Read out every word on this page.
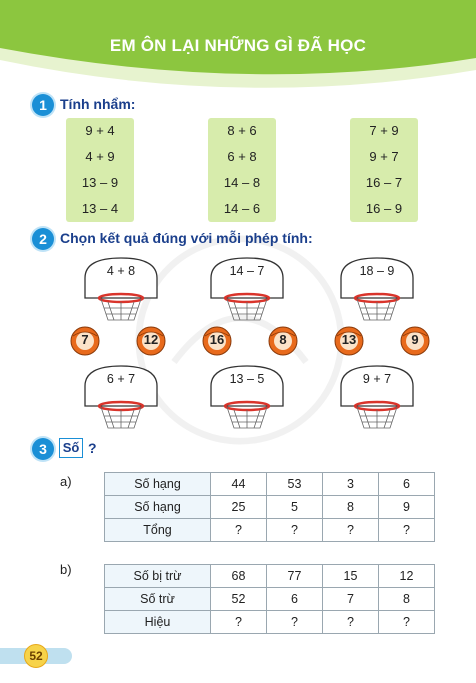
EM ÔN LẠI NHỮNG GÌ ĐÃ HỌC
1 Tính nhẩm:
9 + 4
4 + 9
13 – 9
13 – 4
8 + 6
6 + 8
14 – 8
14 – 6
7 + 9
9 + 7
16 – 7
16 – 9
2 Chọn kết quả đúng với mỗi phép tính:
4 + 8	14 – 7	18 – 9
7	12	16	8	13	9
6 + 7	13 – 5	9 + 7
3	Số ?
a)	Số hạng	44	53	3	6
Số hạng	25	5	8	9
Tổng	?	?	?	?
b)	Số bị trừ	68	77	15	12
Số trừ	52	6	7	8
Hiệu	?	?	?	?
52
